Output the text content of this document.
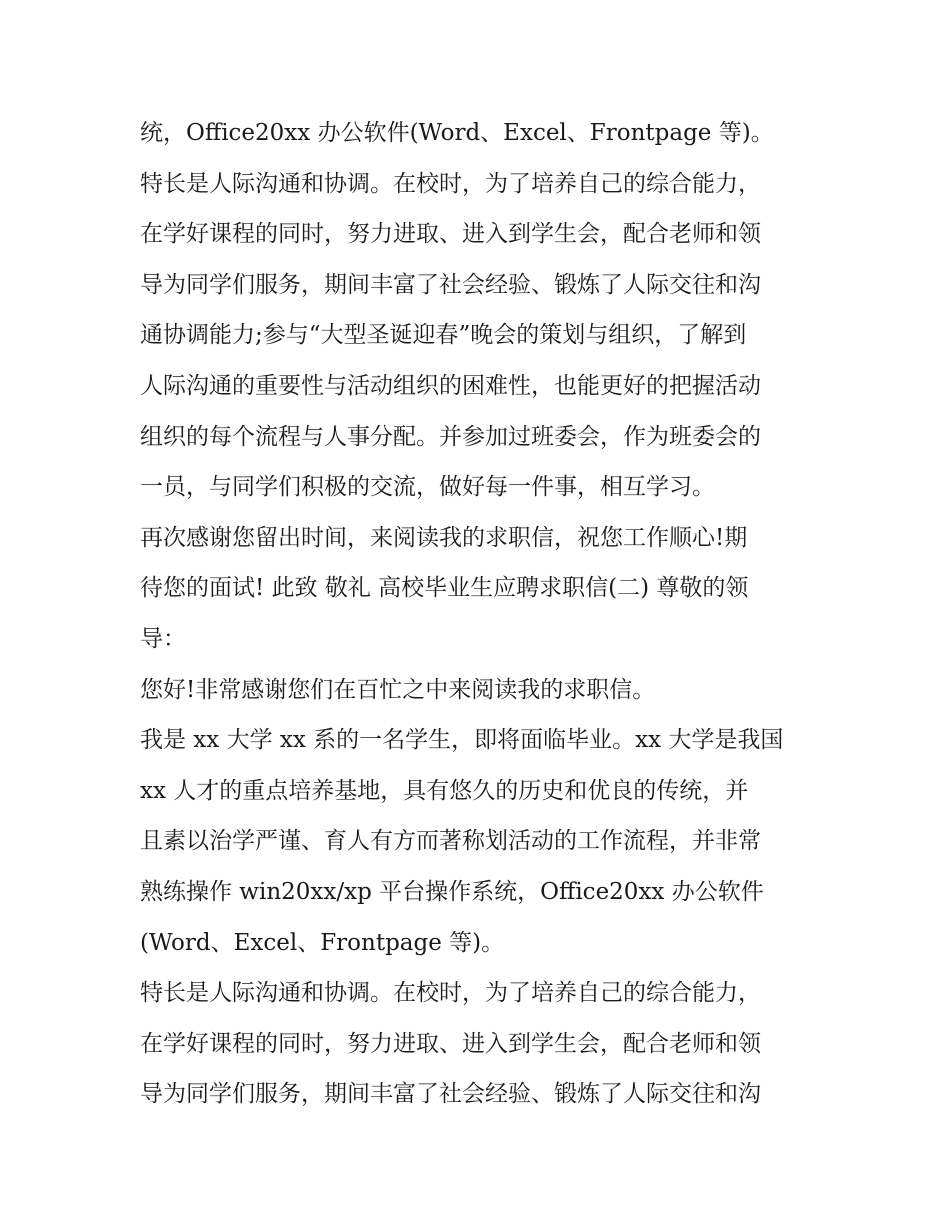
统，Office20xx 办公软件(Word、Excel、Frontpage 等)。
特长是人际沟通和协调。在校时，为了培养自己的综合能力，
在学好课程的同时，努力进取、进入到学生会，配合老师和领
导为同学们服务，期间丰富了社会经验、锻炼了人际交往和沟
通协调能力;参与“大型圣诞迎春”晚会的策划与组织，了解到
人际沟通的重要性与活动组织的困难性，也能更好的把握活动
组织的每个流程与人事分配。并参加过班委会，作为班委会的
一员，与同学们积极的交流，做好每一件事，相互学习。
再次感谢您留出时间，来阅读我的求职信，祝您工作顺心!期
待您的面试! 此致 敬礼 高校毕业生应聘求职信(二) 尊敬的领
导：
您好!非常感谢您们在百忙之中来阅读我的求职信。
我是 xx 大学 xx 系的一名学生，即将面临毕业。xx 大学是我国
xx 人才的重点培养基地，具有悠久的历史和优良的传统，并
且素以治学严谨、育人有方而著称划活动的工作流程，并非常
熟练操作 win20xx/xp 平台操作系统，Office20xx 办公软件
(Word、Excel、Frontpage 等)。
特长是人际沟通和协调。在校时，为了培养自己的综合能力，
在学好课程的同时，努力进取、进入到学生会，配合老师和领
导为同学们服务，期间丰富了社会经验、锻炼了人际交往和沟
